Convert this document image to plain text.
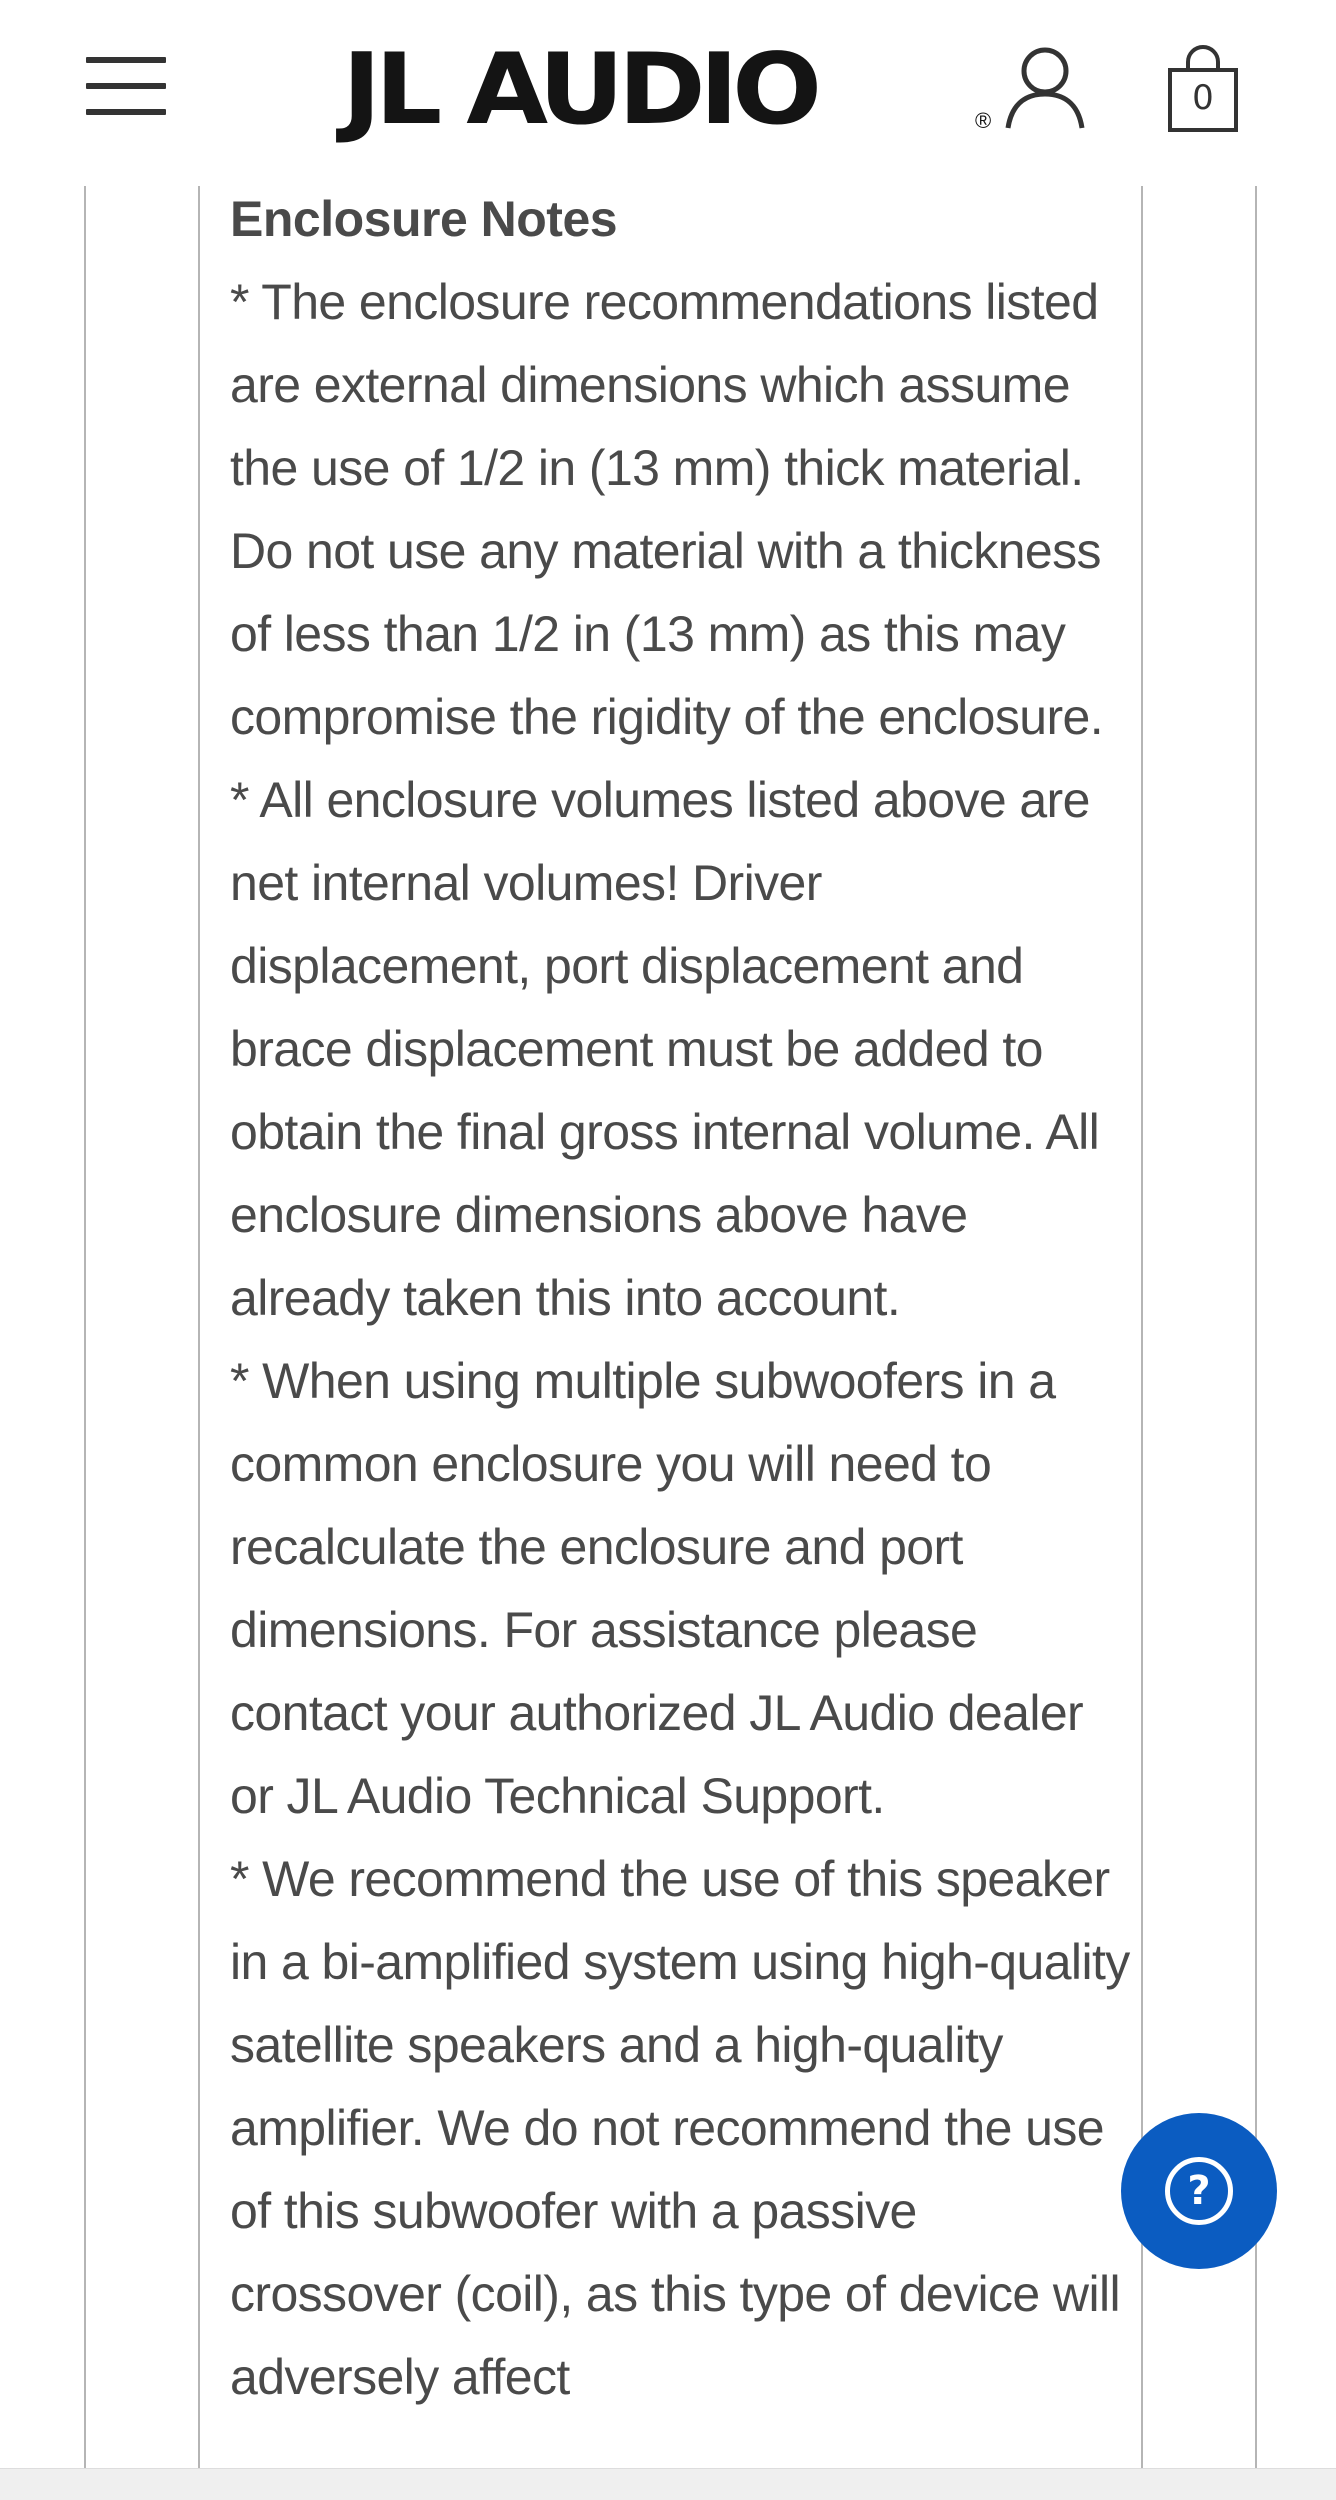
JL AUDIO	®
0

Enclosure Notes

* The enclosure recommendations listed are external dimensions which assume the use of 1/2 in (13 mm) thick material. Do not use any material with a thickness of less than 1/2 in (13 mm) as this may compromise the rigidity of the enclosure.

* All enclosure volumes listed above are net internal volumes! Driver displacement, port displacement and brace displacement must be added to obtain the final gross internal volume. All enclosure dimensions above have already taken this into account.

* When using multiple subwoofers in a common enclosure you will need to recalculate the enclosure and port dimensions. For assistance please contact your authorized JL Audio dealer or JL Audio Technical Support.

* We recommend the use of this speaker in a bi-amplified system using high-quality satellite speakers and a high-quality amplifier. We do not recommend the use of this subwoofer with a passive crossover (coil), as this type of device will adversely affect

?
